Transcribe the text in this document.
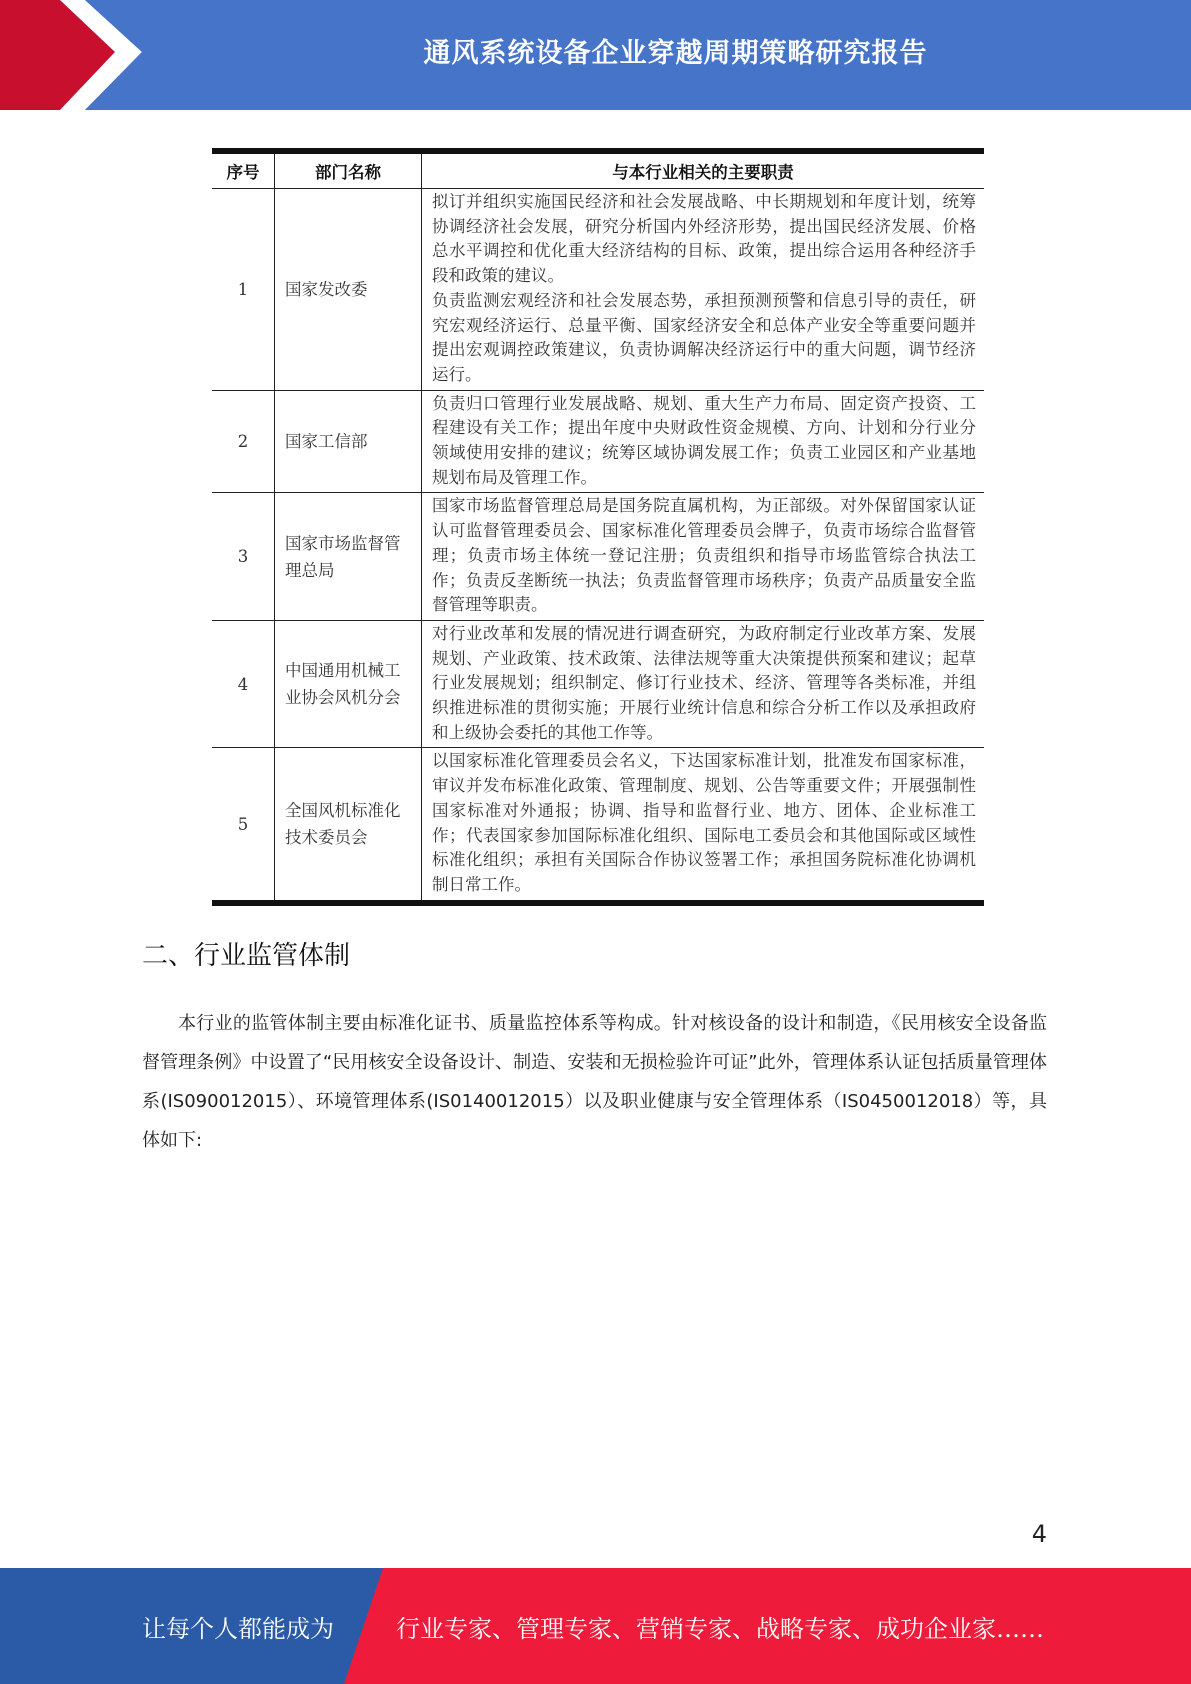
通风系统设备企业穿越周期策略研究报告
序号	部门名称	与本行业相关的主要职责
1	国家发改委	拟订并组织实施国民经济和社会发展战略、中长期规划和年度计划，统筹协调经济社会发展，研究分析国内外经济形势，提出国民经济发展、价格总水平调控和优化重大经济结构的目标、政策，提出综合运用各种经济手段和政策的建议。
负责监测宏观经济和社会发展态势，承担预测预警和信息引导的责任，研究宏观经济运行、总量平衡、国家经济安全和总体产业安全等重要问题并提出宏观调控政策建议，负责协调解决经济运行中的重大问题，调节经济运行。

2	国家工信部	负责归口管理行业发展战略、规划、重大生产力布局、固定资产投资、工程建设有关工作；提出年度中央财政性资金规模、方向、计划和分行业分领域使用安排的建议；统筹区域协调发展工作；负责工业园区和产业基地规划布局及管理工作。
3	国家市场监督管理总局	国家市场监督管理总局是国务院直属机构，为正部级。对外保留国家认证认可监督管理委员会、国家标准化管理委员会牌子，负责市场综合监督管理；负责市场主体统一登记注册；负责组织和指导市场监管综合执法工作；负责反垄断统一执法；负责监督管理市场秩序；负责产品质量安全监督管理等职责。
4	中国通用机械工业协会风机分会	对行业改革和发展的情况进行调查研究，为政府制定行业改革方案、发展规划、产业政策、技术政策、法律法规等重大决策提供预案和建议；起草行业发展规划；组织制定、修订行业技术、经济、管理等各类标准，并组织推进标准的贯彻实施；开展行业统计信息和综合分析工作以及承担政府和上级协会委托的其他工作等。
5	全国风机标准化技术委员会	以国家标准化管理委员会名义，下达国家标准计划，批准发布国家标准，审议并发布标准化政策、管理制度、规划、公告等重要文件；开展强制性国家标准对外通报；协调、指导和监督行业、地方、团体、企业标准工作；代表国家参加国际标准化组织、国际电工委员会和其他国际或区域性标准化组织；承担有关国际合作协议签署工作；承担国务院标准化协调机制日常工作。
二、行业监管体制
本行业的监管体制主要由标准化证书、质量监控体系等构成。针对核设备的设计和制造，《民用核安全设备监督管理条例》中设置了“民用核安全设备设计、制造、安装和无损检验许可证”此外，管理体系认证包括质量管理体系(IS090012015）、环境管理体系(IS0140012015）以及职业健康与安全管理体系（IS0450012018）等，具体如下:
4
让每个人都能成为	行业专家、管理专家、营销专家、战略专家、成功企业家……
